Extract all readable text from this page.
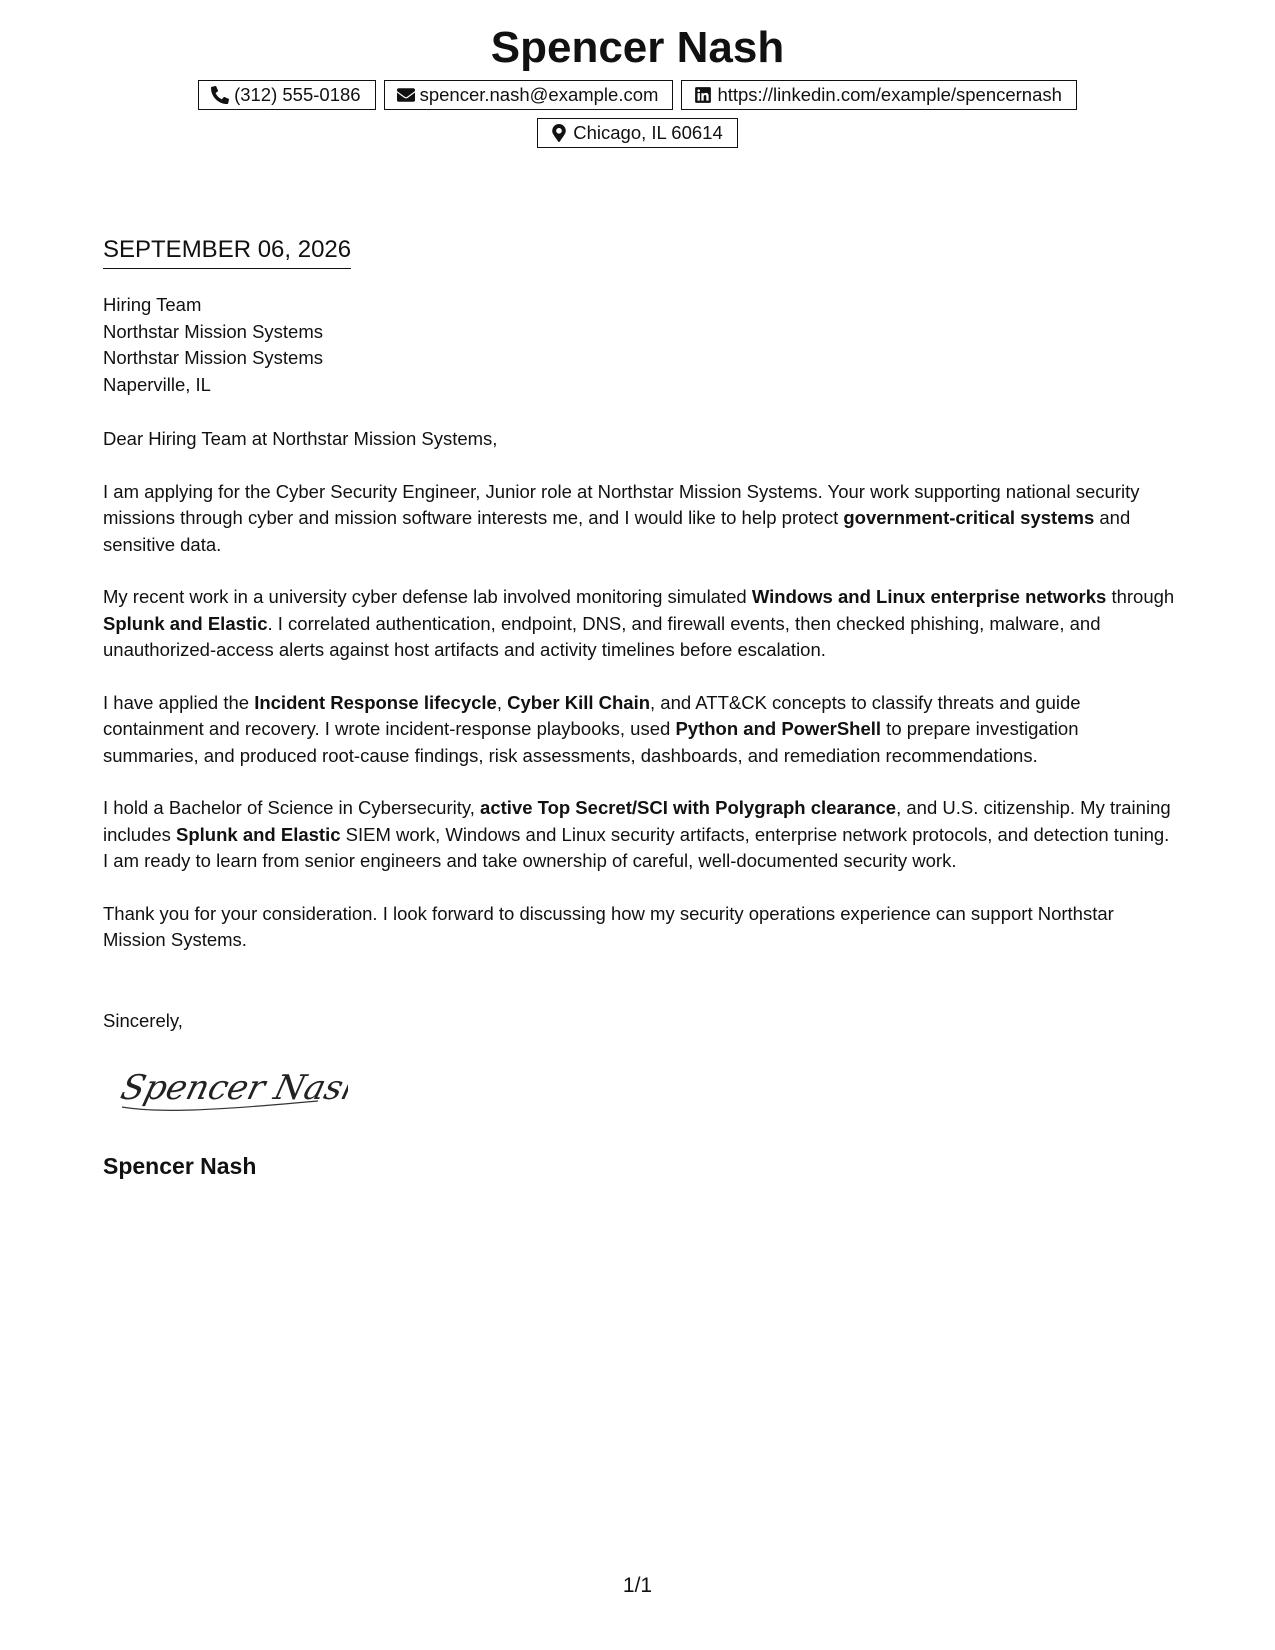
Spencer Nash
(312) 555-0186	spencer.nash@example.com	https://linkedin.com/example/spencernash
Chicago, IL 60614
SEPTEMBER 06, 2026
Hiring Team
Northstar Mission Systems
Northstar Mission Systems
Naperville, IL

Dear Hiring Team at Northstar Mission Systems,

I am applying for the Cyber Security Engineer, Junior role at Northstar Mission Systems. Your work supporting national security missions through cyber and mission software interests me, and I would like to help protect government-critical systems and sensitive data.

My recent work in a university cyber defense lab involved monitoring simulated Windows and Linux enterprise networks through Splunk and Elastic. I correlated authentication, endpoint, DNS, and firewall events, then checked phishing, malware, and unauthorized-access alerts against host artifacts and activity timelines before escalation.

I have applied the Incident Response lifecycle, Cyber Kill Chain, and ATT&CK concepts to classify threats and guide containment and recovery. I wrote incident-response playbooks, used Python and PowerShell to prepare investigation summaries, and produced root-cause findings, risk assessments, dashboards, and remediation recommendations.

I hold a Bachelor of Science in Cybersecurity, active Top Secret/SCI with Polygraph clearance, and U.S. citizenship. My training includes Splunk and Elastic SIEM work, Windows and Linux security artifacts, enterprise network protocols, and detection tuning. I am ready to learn from senior engineers and take ownership of careful, well-documented security work.

Thank you for your consideration. I look forward to discussing how my security operations experience can support Northstar Mission Systems.

Sincerely,
Spencer Nash
Spencer Nash
1/1
